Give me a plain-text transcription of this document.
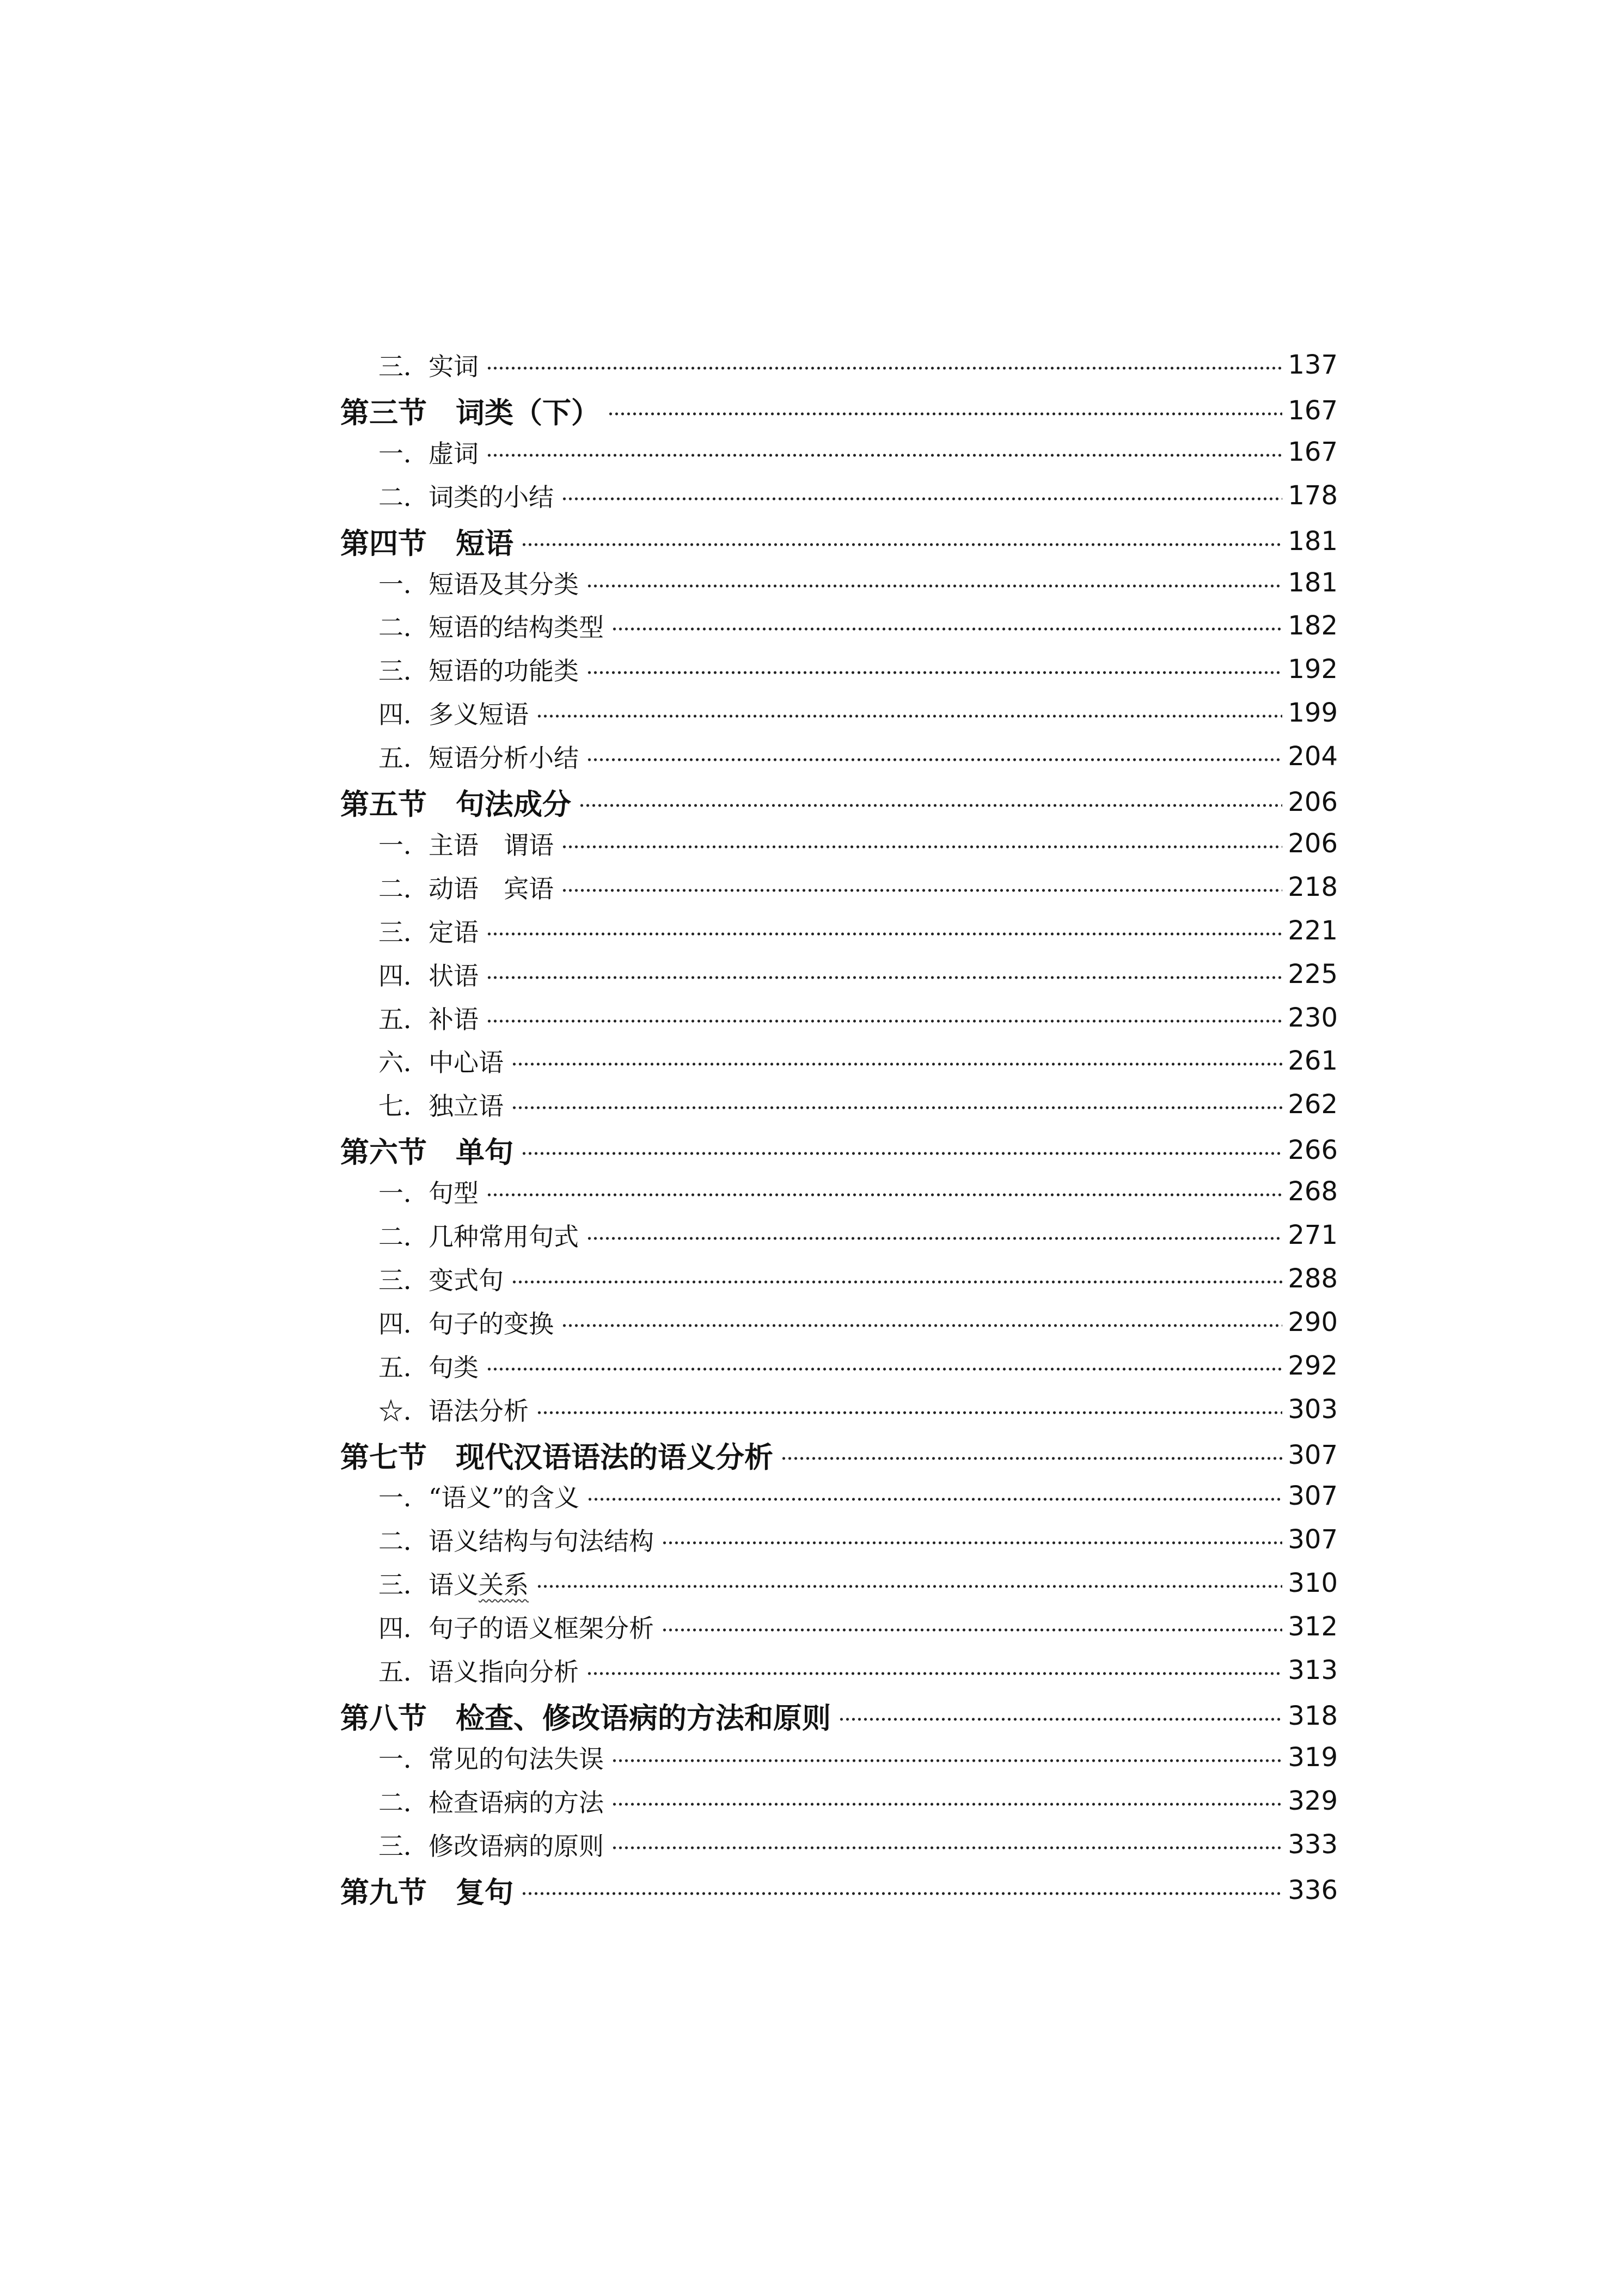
三．实词	137
第三节　词类（下）	167
一．虚词	167
二．词类的小结	178
第四节　短语	181
一．短语及其分类	181
二．短语的结构类型	182
三．短语的功能类	192
四．多义短语	199
五．短语分析小结	204
第五节　句法成分	206
一．主语　谓语	206
二．动语　宾语	218
三．定语	221
四．状语	225
五．补语	230
六．中心语	261
七．独立语	262
第六节　单句	266
一．句型	268
二．几种常用句式	271
三．变式句	288
四．句子的变换	290
五．句类	292
☆．语法分析	303
第七节　现代汉语语法的语义分析	307
一．“语义”的含义	307
二．语义结构与句法结构	307
三．语义关系	310
四．句子的语义框架分析	312
五．语义指向分析	313
第八节　检查、修改语病的方法和原则	318
一．常见的句法失误	319
二．检查语病的方法	329
三．修改语病的原则	333
第九节　复句	336
